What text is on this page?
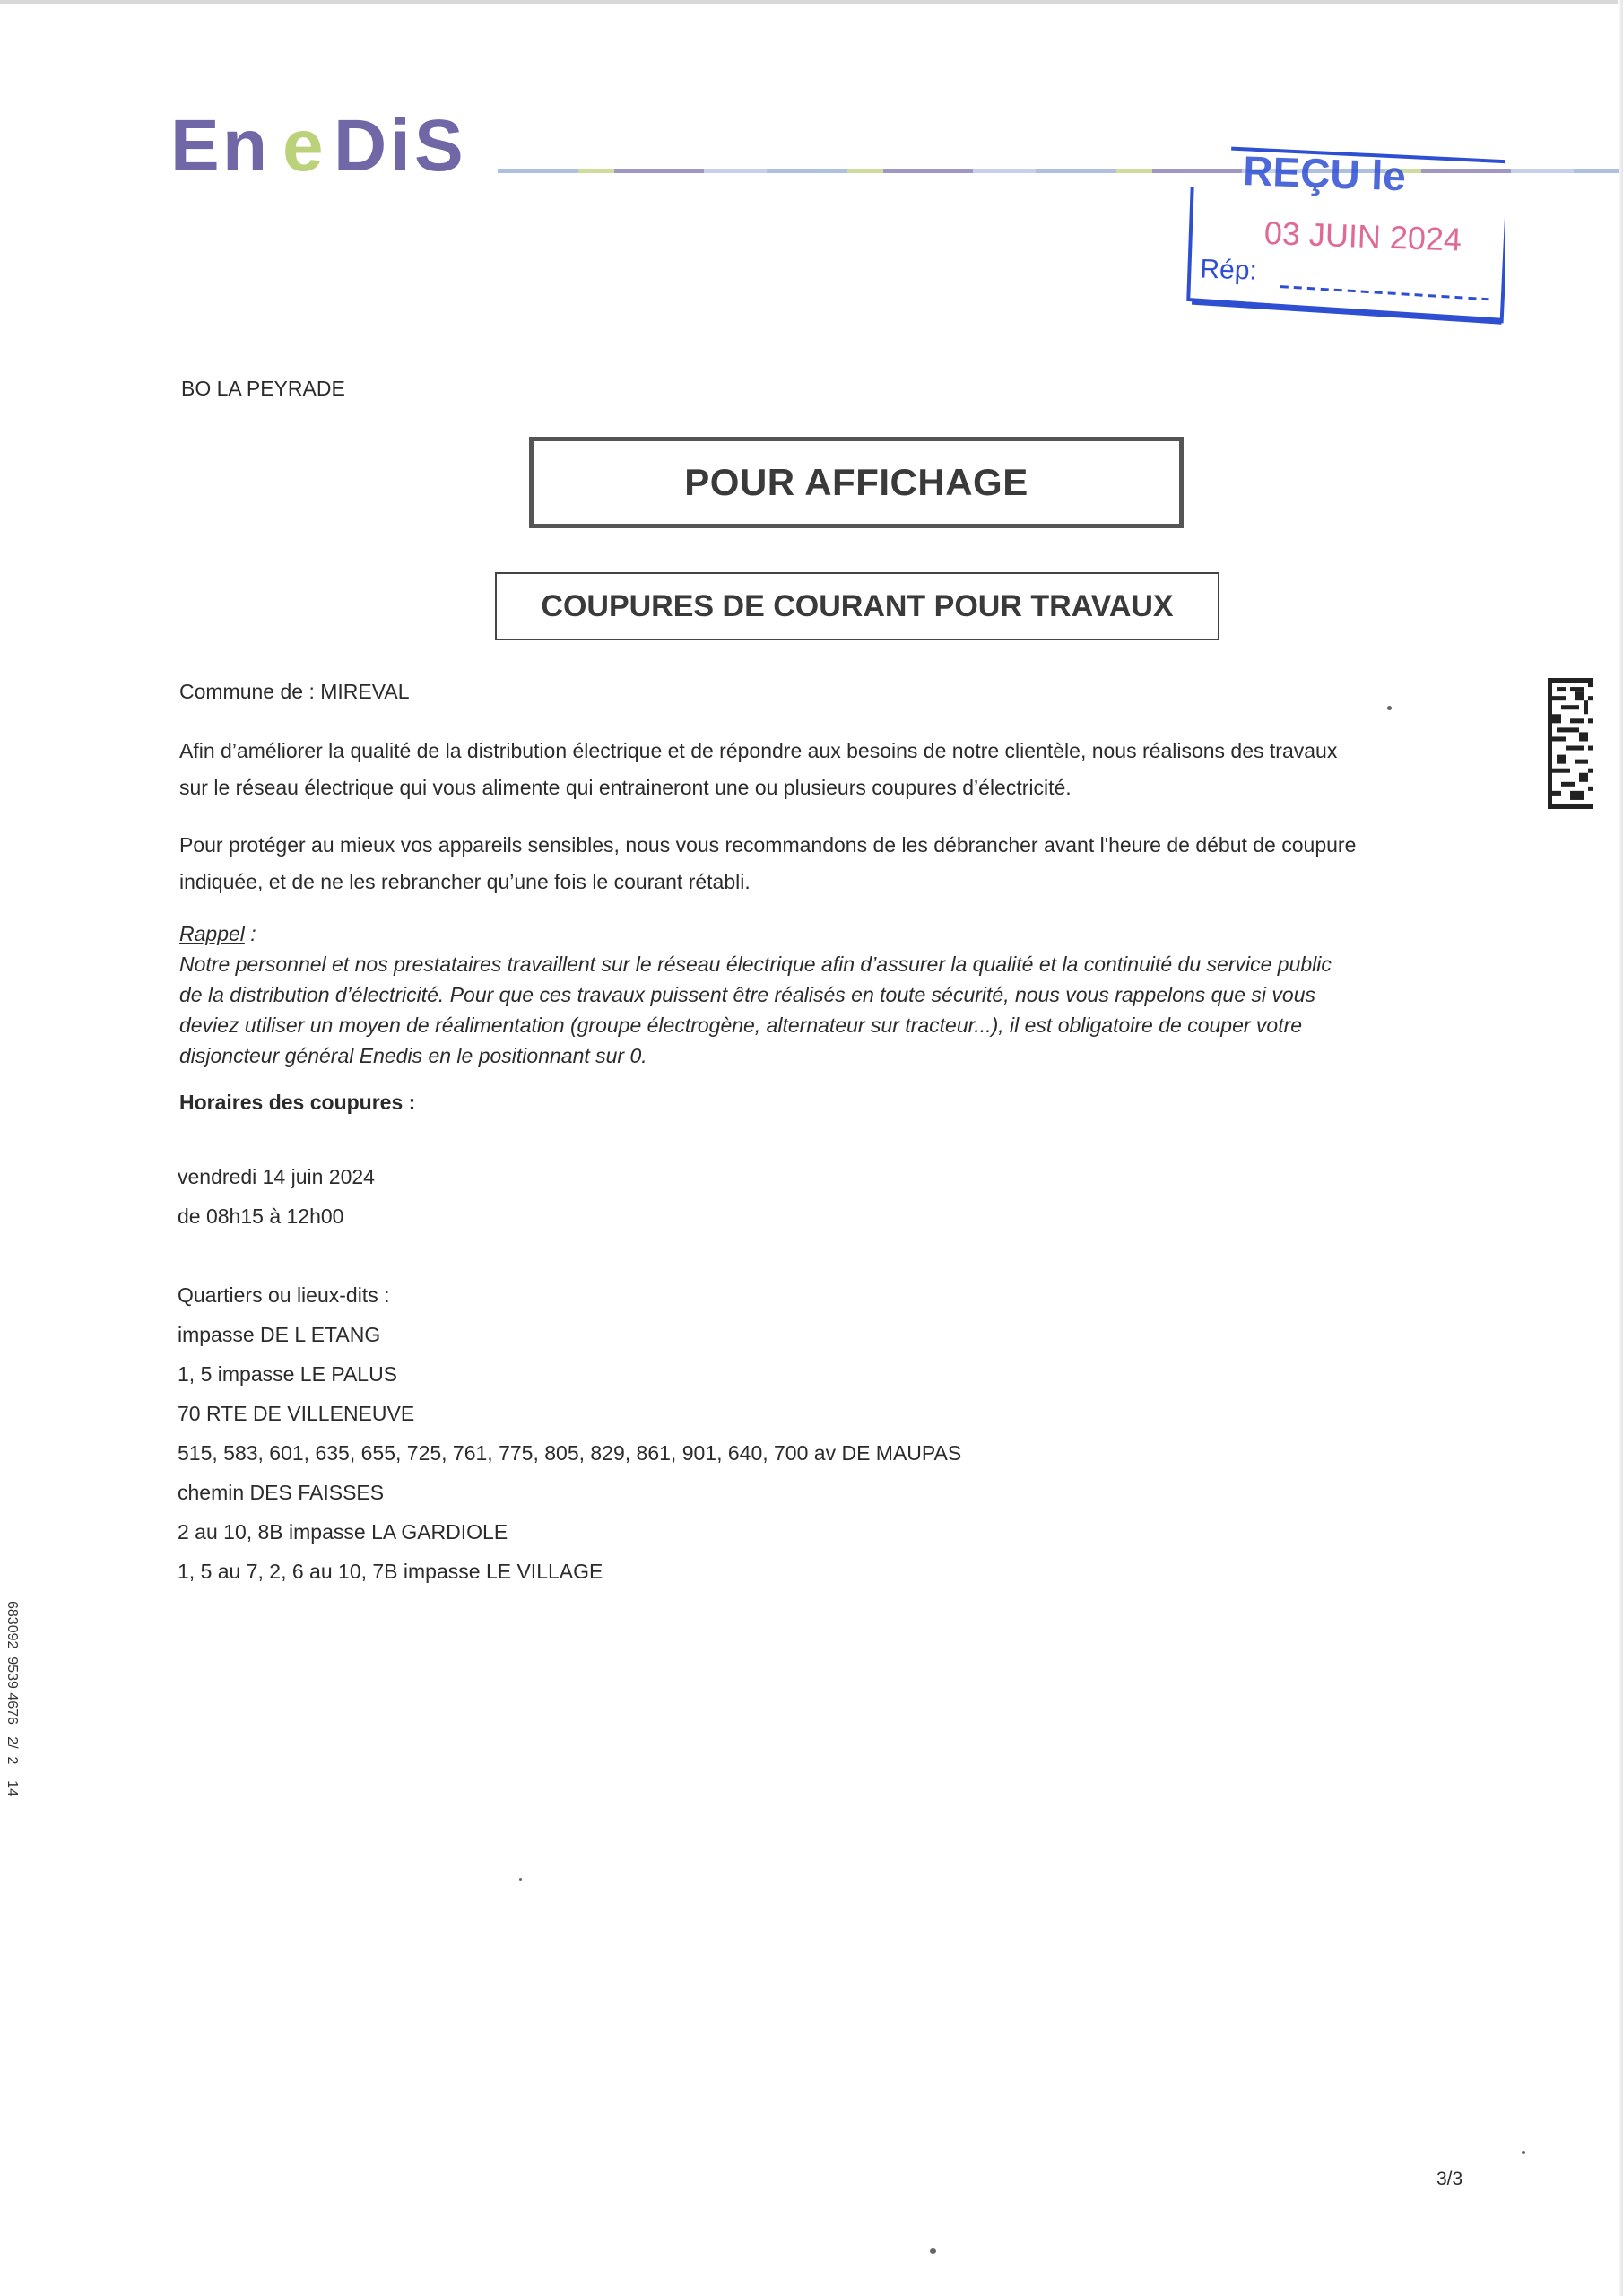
E n e D i S	REÇU le
03 JUIN 2024
Rép:
BO LA PEYRADE
POUR AFFICHAGE
COUPURES DE COURANT POUR TRAVAUX
Commune de : MIREVAL
Afin d’améliorer la qualité de la distribution électrique et de répondre aux besoins de notre clientèle, nous réalisons des travaux
sur le réseau électrique qui vous alimente qui entraineront une ou plusieurs coupures d’électricité.
Pour protéger au mieux vos appareils sensibles, nous vous recommandons de les débrancher avant l'heure de début de coupure
indiquée, et de ne les rebrancher qu’une fois le courant rétabli.
Rappel :
Notre personnel et nos prestataires travaillent sur le réseau électrique afin d’assurer la qualité et la continuité du service public
de la distribution d’électricité. Pour que ces travaux puissent être réalisés en toute sécurité, nous vous rappelons que si vous
deviez utiliser un moyen de réalimentation (groupe électrogène, alternateur sur tracteur...), il est obligatoire de couper votre
disjoncteur général Enedis en le positionnant sur 0.
Horaires des coupures :
vendredi 14 juin 2024
de 08h15 à 12h00
Quartiers ou lieux-dits :
impasse DE L ETANG
1, 5 impasse LE PALUS
70 RTE DE VILLENEUVE
515, 583, 601, 635, 655, 725, 761, 775, 805, 829, 861, 901, 640, 700 av DE MAUPAS
chemin DES FAISSES
2 au 10, 8B impasse LA GARDIOLE
1, 5 au 7, 2, 6 au 10, 7B impasse LE VILLAGE
683092  9539 4676   2/  2    14
3/3
